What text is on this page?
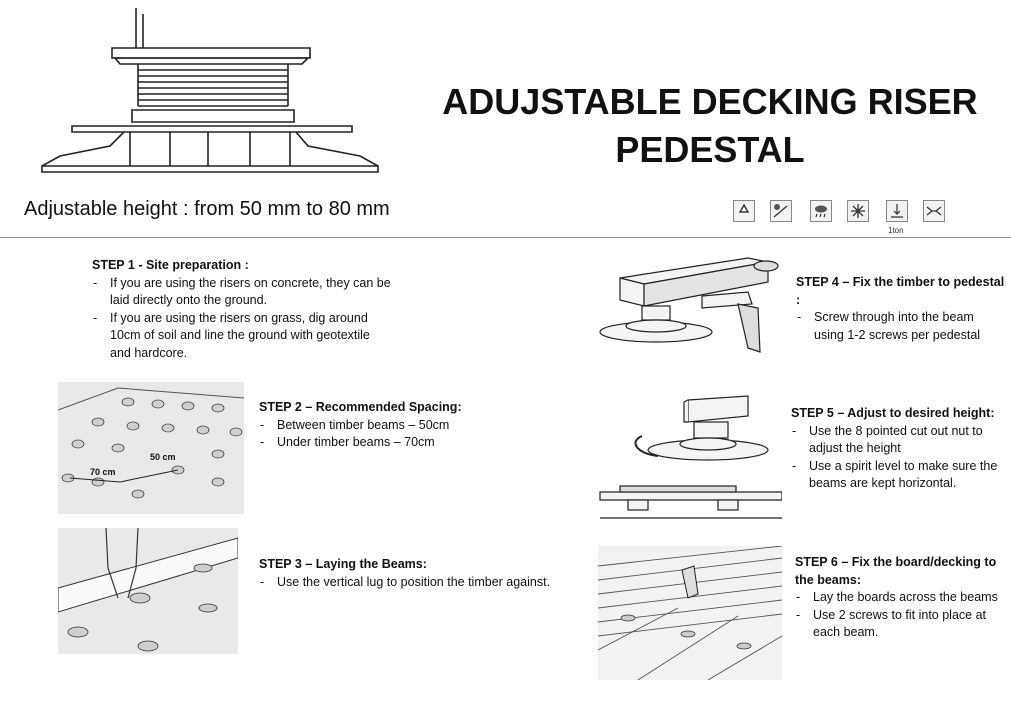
ADUJSTABLE DECKING RISER
PEDESTAL
Adjustable height : from 50 mm to 80 mm
1ton
STEP 1 - Site preparation :
- If you are using the risers on concrete, they can be laid directly onto the ground.
- If you are using the risers on grass, dig around 10cm of soil and line the ground with geotextile and hardcore.
50 cm
70 cm
STEP 2 – Recommended Spacing:
- Between timber beams – 50cm
- Under timber beams – 70cm
STEP 3 – Laying the Beams:
- Use the vertical lug to position the timber against.
STEP 4 – Fix the timber to pedestal :
- Screw through into the beam using 1-2 screws per pedestal
STEP 5 – Adjust to desired height:
- Use the 8 pointed cut out nut to adjust the height
- Use a spirit level to make sure the beams are kept horizontal.
STEP 6 – Fix the board/decking to the beams:
- Lay the boards across the beams
- Use 2 screws to fit into place at each beam.
